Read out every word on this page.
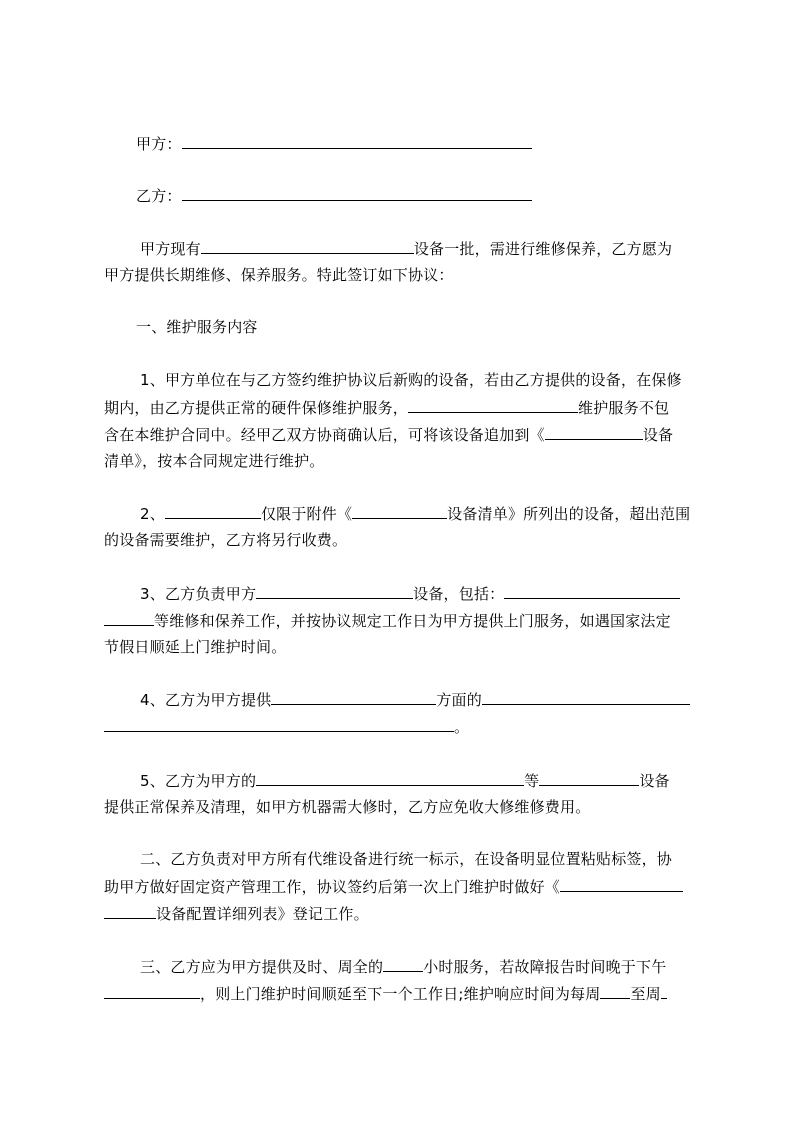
甲方：
乙方：
甲方现有	设备一批，需进行维修保养，乙方愿为
甲方提供长期维修、保养服务。特此签订如下协议：
一、维护服务内容
1、甲方单位在与乙方签约维护协议后新购的设备，若由乙方提供的设备，在保修
期内，由乙方提供正常的硬件保修维护服务，	维护服务不包
含在本维护合同中。经甲乙双方协商确认后，可将该设备追加到《	设备
清单》，按本合同规定进行维护。
2、	仅限于附件《	设备清单》所列出的设备，超出范围
的设备需要维护，乙方将另行收费。
3、乙方负责甲方	设备，包括：
等维修和保养工作，并按协议规定工作日为甲方提供上门服务，如遇国家法定
节假日顺延上门维护时间。
4、乙方为甲方提供	方面的
。
5、乙方为甲方的	等	设备
提供正常保养及清理，如甲方机器需大修时，乙方应免收大修维修费用。
二、乙方负责对甲方所有代维设备进行统一标示，在设备明显位置粘贴标签，协
助甲方做好固定资产管理工作，协议签约后第一次上门维护时做好《
设备配置详细列表》登记工作。
三、乙方应为甲方提供及时、周全的	小时服务，若故障报告时间晚于下午
，则上门维护时间顺延至下一个工作日;维护响应时间为每周 至周
